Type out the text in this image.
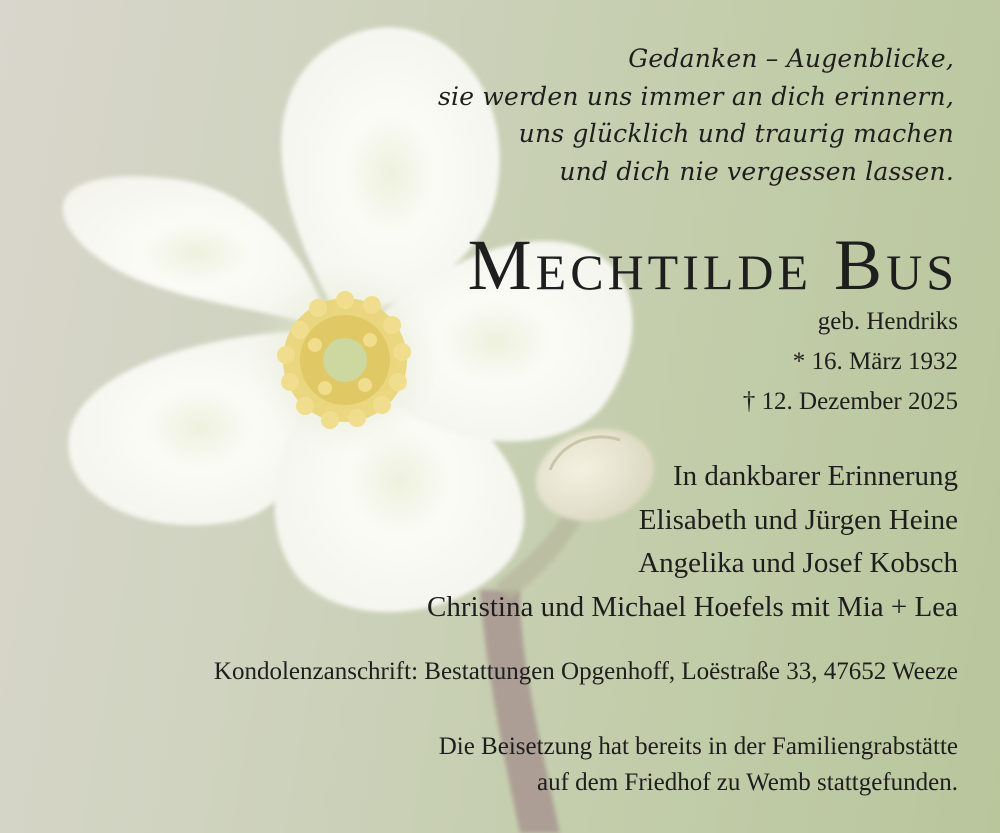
Gedanken – Augenblicke,
sie werden uns immer an dich erinnern,
uns glücklich und traurig machen
und dich nie vergessen lassen.
Mechtilde Bus
geb. Hendriks
* 16. März 1932
† 12. Dezember 2025
In dankbarer Erinnerung
Elisabeth und Jürgen Heine
Angelika und Josef Kobsch
Christina und Michael Hoefels mit Mia + Lea
Kondolenzanschrift: Bestattungen Opgenhoff, Loëstraße 33, 47652 Weeze
Die Beisetzung hat bereits in der Familiengrabstätte
auf dem Friedhof zu Wemb stattgefunden.
